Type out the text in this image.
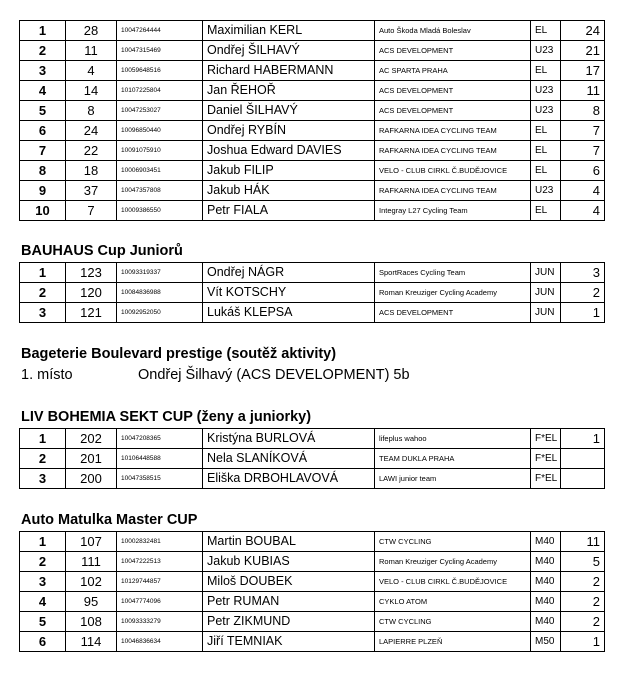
1	28	10047264444	Maximilian KERL	Auto Škoda Mladá Boleslav	EL	24
2	11	10047315469	Ondřej ŠILHAVÝ	ACS DEVELOPMENT	U23	21
3	4	10059648516	Richard HABERMANN	AC SPARTA PRAHA	EL	17
4	14	10107225804	Jan ŘEHOŘ	ACS DEVELOPMENT	U23	11
5	8	10047253027	Daniel ŠILHAVÝ	ACS DEVELOPMENT	U23	8
6	24	10096850440	Ondřej RYBÍN	RAFKARNA IDEA CYCLING TEAM	EL	7
7	22	10091075910	Joshua Edward DAVIES	RAFKARNA IDEA CYCLING TEAM	EL	7
8	18	10006903451	Jakub FILIP	VELO - CLUB CIRKL Č.BUDĚJOVICE	EL	6
9	37	10047357808	Jakub HÁK	RAFKARNA IDEA CYCLING TEAM	U23	4
10	7	10009386550	Petr FIALA	Integray L27 Cycling Team	EL	4
BAUHAUS Cup Juniorů
1	123	10093319337	Ondřej NÁGR	SportRaces Cycling Team	JUN	3
2	120	10084836988	Vít KOTSCHY	Roman Kreuziger Cycling Academy	JUN	2
3	121	10092952050	Lukáš KLEPSA	ACS DEVELOPMENT	JUN	1
Bageterie Boulevard prestige (soutěž aktivity)
1. místo	Ondřej Šilhavý (ACS DEVELOPMENT) 5b
LIV BOHEMIA SEKT CUP (ženy a juniorky)
1	202	10047208365	Kristýna BURLOVÁ	lifeplus wahoo	F*EL	1
2	201	10106448588	Nela SLANÍKOVÁ	TEAM DUKLA PRAHA	F*EL	
3	200	10047358515	Eliška DRBOHLAVOVÁ	LAWI junior team	F*EL	
Auto Matulka Master CUP
1	107	10002832481	Martin BOUBAL	CTW CYCLING	M40	11
2	111	10047222513	Jakub KUBIAS	Roman Kreuziger Cycling Academy	M40	5
3	102	10129744857	Miloš DOUBEK	VELO - CLUB CIRKL Č.BUDĚJOVICE	M40	2
4	95	10047774096	Petr RUMAN	CYKLO ATOM	M40	2
5	108	10093333279	Petr ZIKMUND	CTW CYCLING	M40	2
6	114	10046836634	Jiří TEMNIAK	LAPIERRE PLZEŇ	M50	1
